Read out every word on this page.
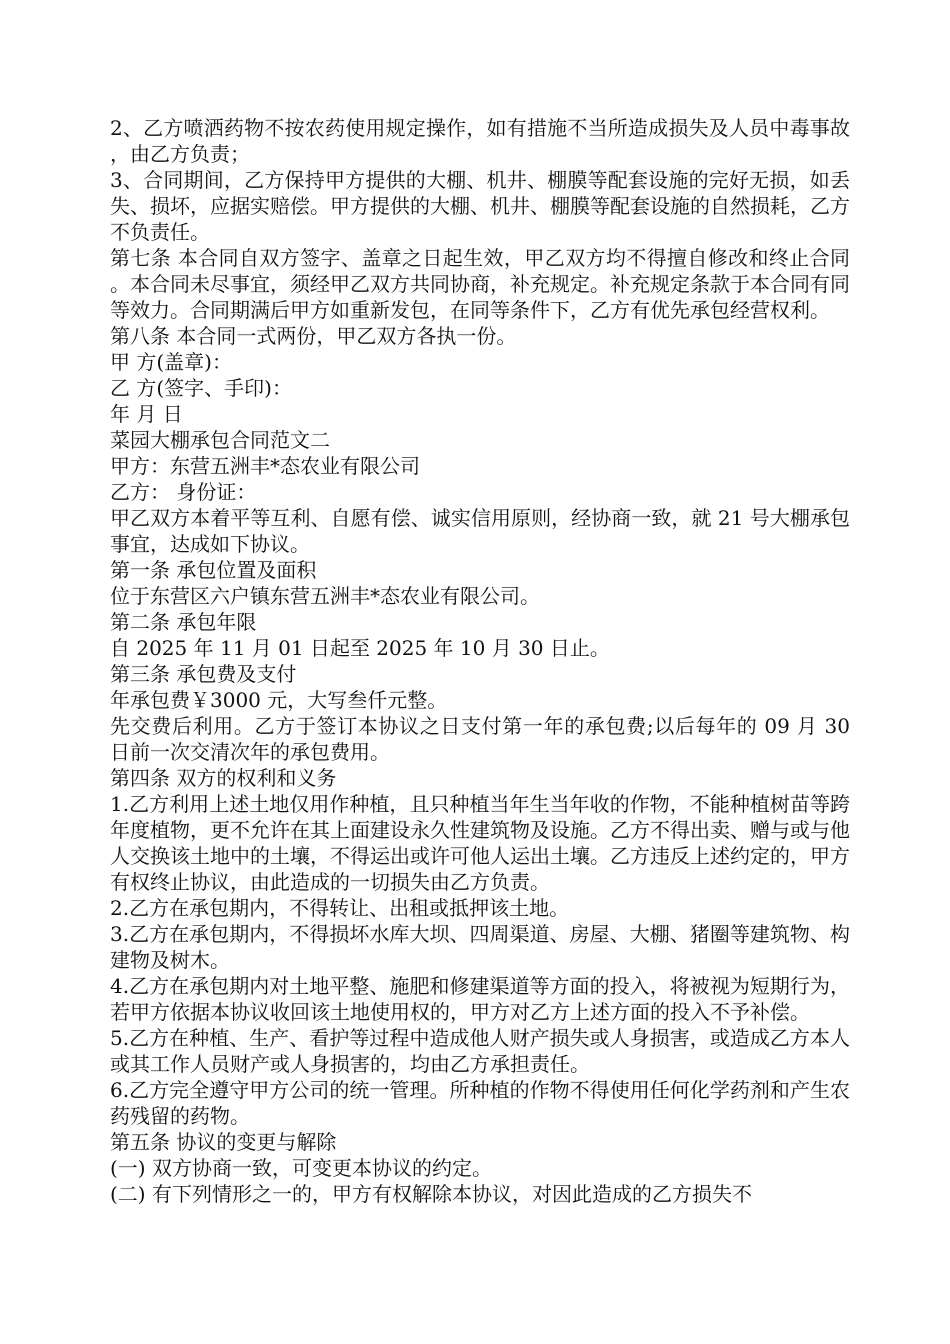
2、乙方喷洒药物不按农药使用规定操作，如有措施不当所造成损失及人员中毒事故，由乙方负责；

3、合同期间，乙方保持甲方提供的大棚、机井、棚膜等配套设施的完好无损，如丢失、损坏，应据实赔偿。甲方提供的大棚、机井、棚膜等配套设施的自然损耗，乙方不负责任。

第七条 本合同自双方签字、盖章之日起生效，甲乙双方均不得擅自修改和终止合同。本合同未尽事宜，须经甲乙双方共同协商，补充规定。补充规定条款于本合同有同等效力。合同期满后甲方如重新发包，在同等条件下，乙方有优先承包经营权利。

第八条 本合同一式两份，甲乙双方各执一份。

甲 方(盖章)：

乙 方(签字、手印)：

年 月 日

菜园大棚承包合同范文二

甲方：东营五洲丰*态农业有限公司

乙方： 身份证：

甲乙双方本着平等互利、自愿有偿、诚实信用原则，经协商一致，就 21 号大棚承包事宜，达成如下协议。

第一条 承包位置及面积

位于东营区六户镇东营五洲丰*态农业有限公司。

第二条 承包年限

自 2025 年 11 月 01 日起至 2025 年 10 月 30 日止。

第三条 承包费及支付

年承包费￥3000 元，大写叁仟元整。

先交费后利用。乙方于签订本协议之日支付第一年的承包费;以后每年的 09 月 30 日前一次交清次年的承包费用。

第四条 双方的权利和义务

1.乙方利用上述土地仅用作种植，且只种植当年生当年收的作物，不能种植树苗等跨年度植物，更不允许在其上面建设永久性建筑物及设施。乙方不得出卖、赠与或与他人交换该土地中的土壤，不得运出或许可他人运出土壤。乙方违反上述约定的，甲方有权终止协议，由此造成的一切损失由乙方负责。

2.乙方在承包期内，不得转让、出租或抵押该土地。

3.乙方在承包期内，不得损坏水库大坝、四周渠道、房屋、大棚、猪圈等建筑物、构建物及树木。

4.乙方在承包期内对土地平整、施肥和修建渠道等方面的投入，将被视为短期行为，若甲方依据本协议收回该土地使用权的，甲方对乙方上述方面的投入不予补偿。

5.乙方在种植、生产、看护等过程中造成他人财产损失或人身损害，或造成乙方本人或其工作人员财产或人身损害的，均由乙方承担责任。

6.乙方完全遵守甲方公司的统一管理。所种植的作物不得使用任何化学药剂和产生农药残留的药物。

第五条 协议的变更与解除

(一) 双方协商一致，可变更本协议的约定。

(二) 有下列情形之一的，甲方有权解除本协议，对因此造成的乙方损失不
